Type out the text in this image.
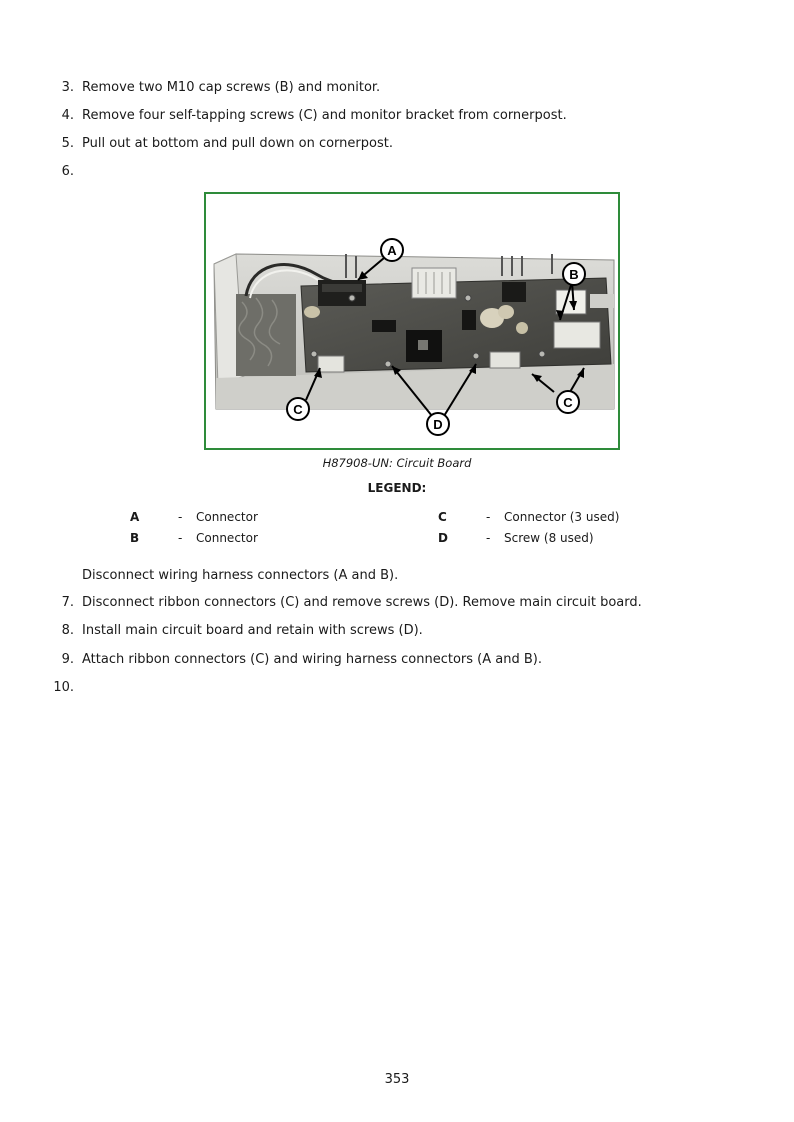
3. Remove two M10 cap screws (B) and monitor.
4. Remove four self-tapping screws (C) and monitor bracket from cornerpost.
5. Pull out at bottom and pull down on cornerpost.
6.
A
B
C	C
D
H87908-UN: Circuit Board
LEGEND:
A	- Connector
B	- Connector
C	- Connector (3 used)
D	- Screw (8 used)
Disconnect wiring harness connectors (A and B).
7. Disconnect ribbon connectors (C) and remove screws (D). Remove main circuit board.
8. Install main circuit board and retain with screws (D).
9. Attach ribbon connectors (C) and wiring harness connectors (A and B).
10.
353
